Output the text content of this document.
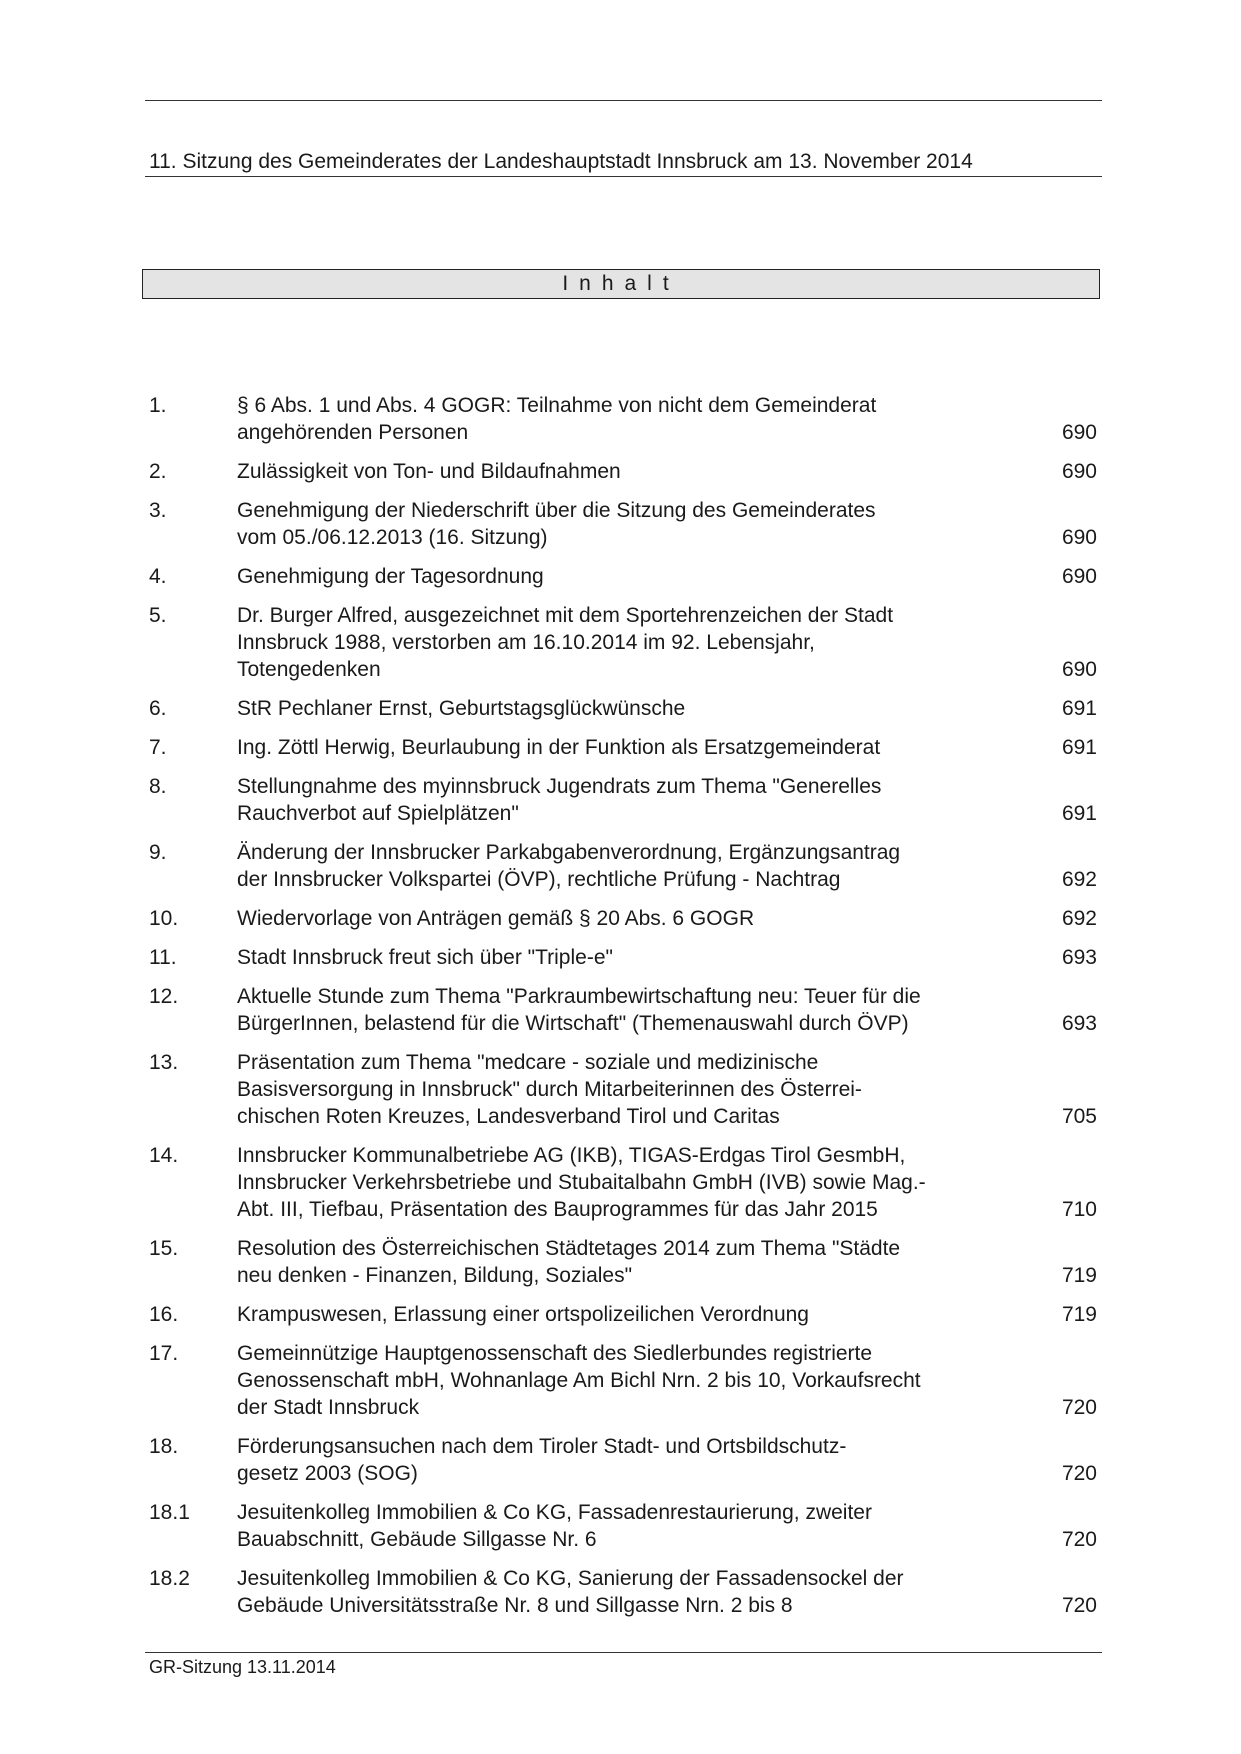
11. Sitzung des Gemeinderates der Landeshauptstadt Innsbruck am 13. November 2014
Inhalt
1.	§ 6 Abs. 1 und Abs. 4 GOGR: Teilnahme von nicht dem Gemeinderat
angehörenden Personen	690
2.	Zulässigkeit von Ton- und Bildaufnahmen	690
3.	Genehmigung der Niederschrift über die Sitzung des Gemeinderates
vom 05./06.12.2013 (16. Sitzung)	690
4.	Genehmigung der Tagesordnung	690
5.	Dr. Burger Alfred, ausgezeichnet mit dem Sportehrenzeichen der Stadt
Innsbruck 1988, verstorben am 16.10.2014 im 92. Lebensjahr,
Totengedenken	690
6.	StR Pechlaner Ernst, Geburtstagsglückwünsche	691
7.	Ing. Zöttl Herwig, Beurlaubung in der Funktion als Ersatzgemeinderat	691
8.	Stellungnahme des myinnsbruck Jugendrats zum Thema "Generelles
Rauchverbot auf Spielplätzen"	691
9.	Änderung der Innsbrucker Parkabgabenverordnung, Ergänzungsantrag
der Innsbrucker Volkspartei (ÖVP), rechtliche Prüfung - Nachtrag	692
10.	Wiedervorlage von Anträgen gemäß § 20 Abs. 6 GOGR	692
11.	Stadt Innsbruck freut sich über "Triple-e"	693
12.	Aktuelle Stunde zum Thema "Parkraumbewirtschaftung neu: Teuer für die
BürgerInnen, belastend für die Wirtschaft" (Themenauswahl durch ÖVP)	693
13.	Präsentation zum Thema "medcare - soziale und medizinische
Basisversorgung in Innsbruck" durch Mitarbeiterinnen des Österrei-
chischen Roten Kreuzes, Landesverband Tirol und Caritas	705
14.	Innsbrucker Kommunalbetriebe AG (IKB), TIGAS-Erdgas Tirol GesmbH,
Innsbrucker Verkehrsbetriebe und Stubaitalbahn GmbH (IVB) sowie Mag.-
Abt. III, Tiefbau, Präsentation des Bauprogrammes für das Jahr 2015	710
15.	Resolution des Österreichischen Städtetages 2014 zum Thema "Städte
neu denken - Finanzen, Bildung, Soziales"	719
16.	Krampuswesen, Erlassung einer ortspolizeilichen Verordnung	719
17.	Gemeinnützige Hauptgenossenschaft des Siedlerbundes registrierte
Genossenschaft mbH, Wohnanlage Am Bichl Nrn. 2 bis 10, Vorkaufsrecht
der Stadt Innsbruck	720
18.	Förderungsansuchen nach dem Tiroler Stadt- und Ortsbildschutz-
gesetz 2003 (SOG)	720
18.1	Jesuitenkolleg Immobilien & Co KG, Fassadenrestaurierung, zweiter
Bauabschnitt, Gebäude Sillgasse Nr. 6	720
18.2	Jesuitenkolleg Immobilien & Co KG, Sanierung der Fassadensockel der
Gebäude Universitätsstraße Nr. 8 und Sillgasse Nrn. 2 bis 8	720
GR-Sitzung 13.11.2014
